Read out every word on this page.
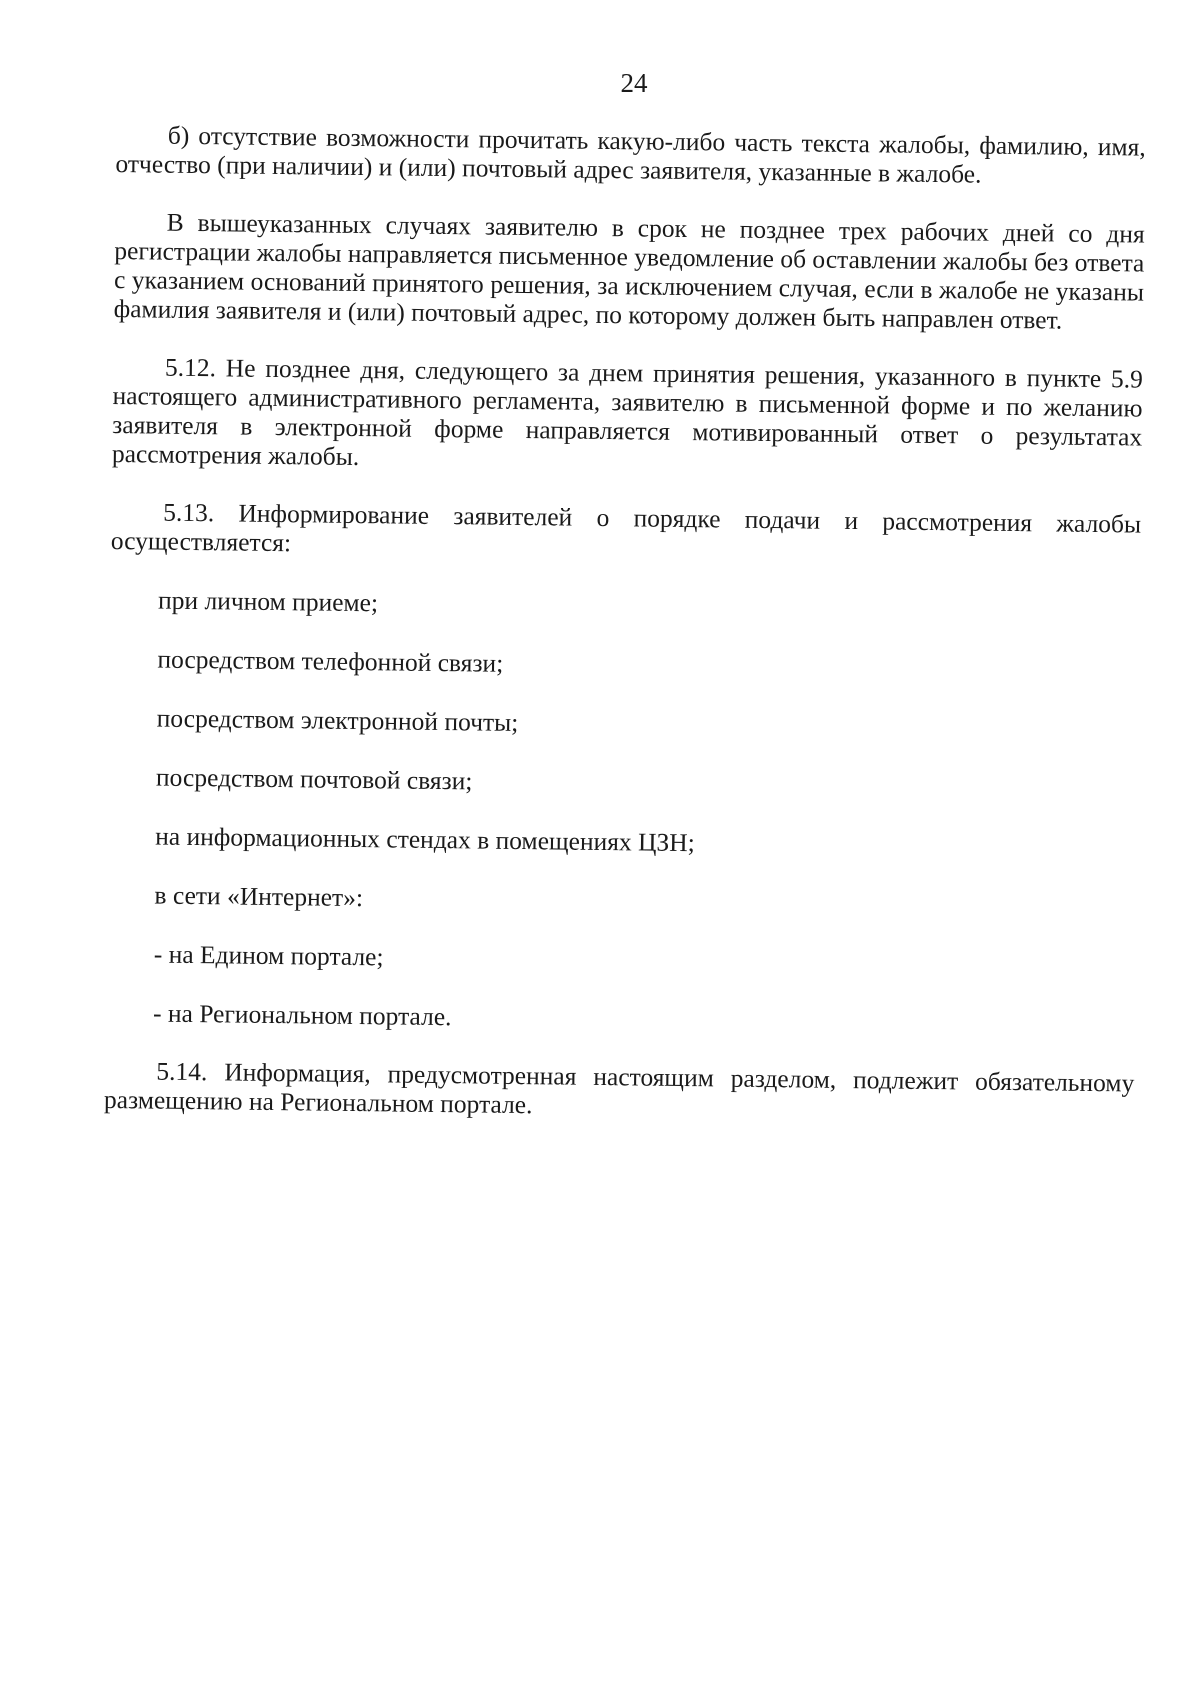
24

б) отсутствие возможности прочитать какую-либо часть текста жалобы, фамилию, имя, отчество (при наличии) и (или) почтовый адрес заявителя, указанные в жалобе.

В вышеуказанных случаях заявителю в срок не позднее трех рабочих дней со дня регистрации жалобы направляется письменное уведомление об оставлении жалобы без ответа с указанием оснований принятого решения, за исключением случая, если в жалобе не указаны фамилия заявителя и (или) почтовый адрес, по которому должен быть направлен ответ.

5.12. Не позднее дня, следующего за днем принятия решения, указанного в пункте 5.9 настоящего административного регламента, заявителю в письменной форме и по желанию заявителя в электронной форме направляется мотивированный ответ о результатах рассмотрения жалобы.

5.13. Информирование заявителей о порядке подачи и рассмотрения жалобы осуществляется:

при личном приеме;

посредством телефонной связи;

посредством электронной почты;

посредством почтовой связи;

на информационных стендах в помещениях ЦЗН;

в сети «Интернет»:

- на Едином портале;

- на Региональном портале.

5.14. Информация, предусмотренная настоящим разделом, подлежит обязательному размещению на Региональном портале.
